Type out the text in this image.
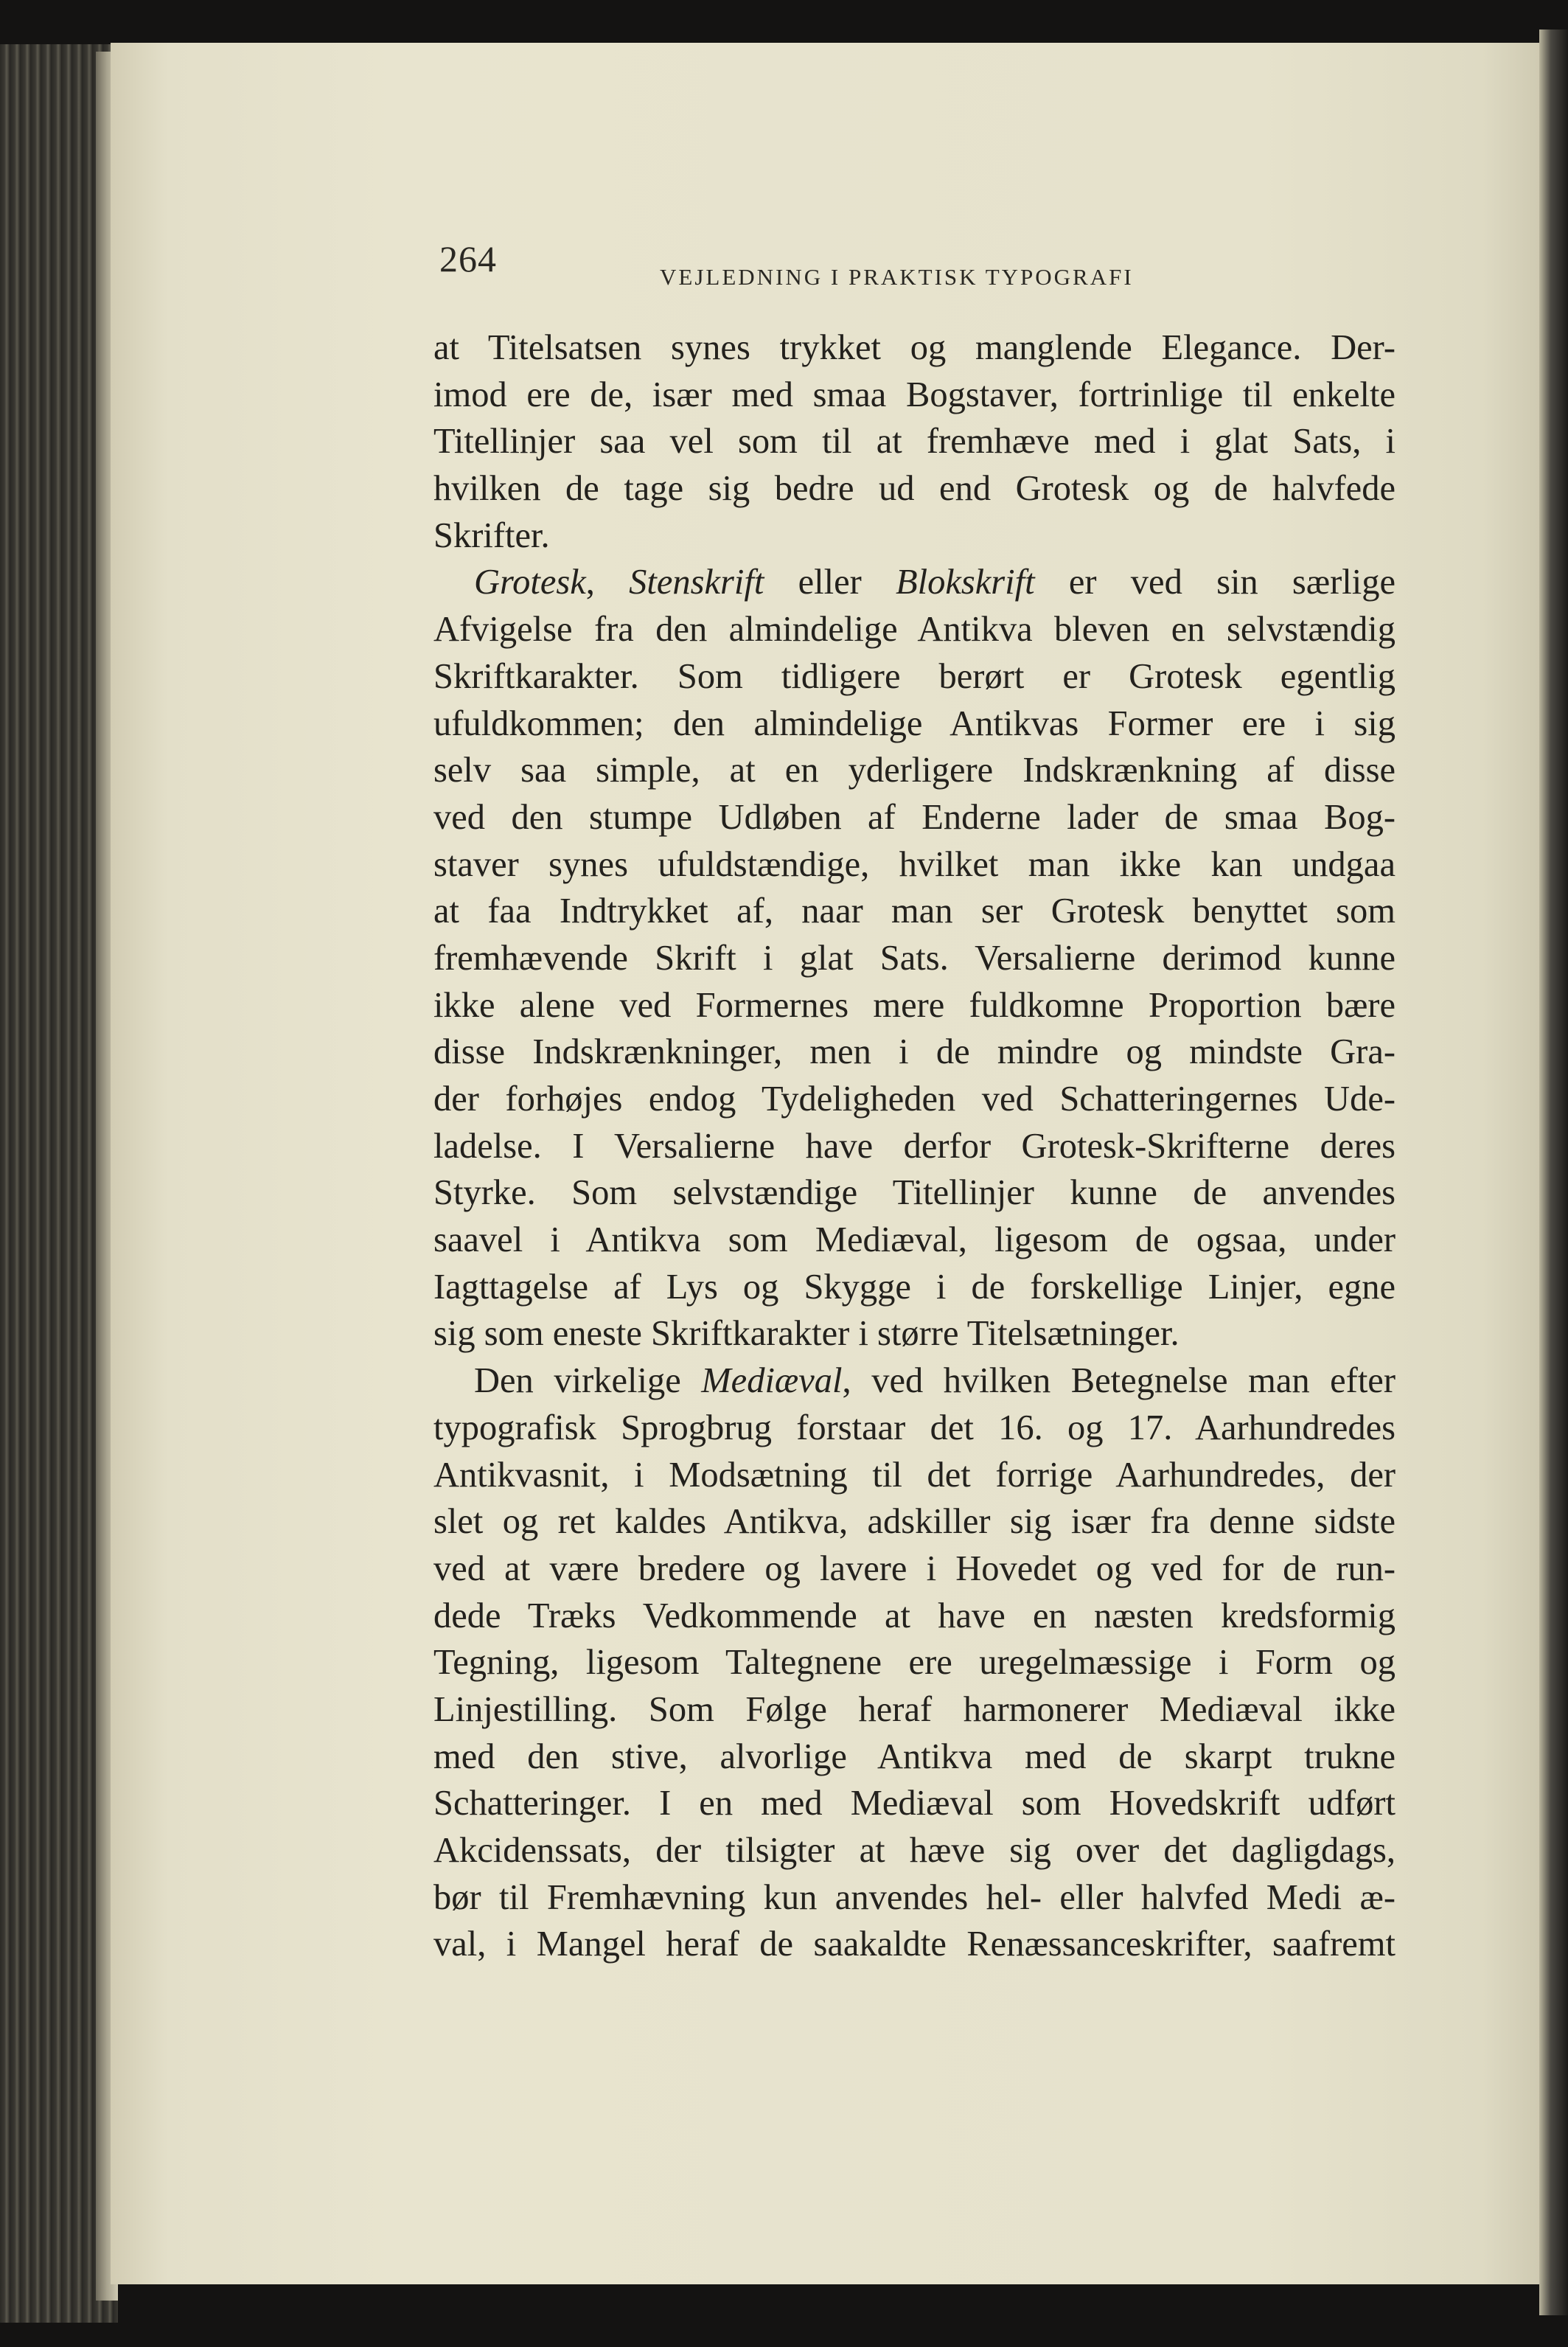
264	VEJLEDNING I PRAKTISK TYPOGRAFI
at Titelsatsen synes trykket og manglende Elegance. Der-
imod ere de, især med smaa Bogstaver, fortrinlige til enkelte
Titellinjer saa vel som til at fremhæve med i glat Sats, i
hvilken de tage sig bedre ud end Grotesk og de halvfede
Skrifter.
Grotesk, Stenskrift eller Blokskrift er ved sin særlige
Afvigelse fra den almindelige Antikva bleven en selvstændig
Skriftkarakter. Som tidligere berørt er Grotesk egentlig
ufuldkommen; den almindelige Antikvas Former ere i sig
selv saa simple, at en yderligere Indskrænkning af disse
ved den stumpe Udløben af Enderne lader de smaa Bog-
staver synes ufuldstændige, hvilket man ikke kan undgaa
at faa Indtrykket af, naar man ser Grotesk benyttet som
fremhævende Skrift i glat Sats. Versalierne derimod kunne
ikke alene ved Formernes mere fuldkomne Proportion bære
disse Indskrænkninger, men i de mindre og mindste Gra-
der forhøjes endog Tydeligheden ved Schatteringernes Ude-
ladelse. I Versalierne have derfor Grotesk-Skrifterne deres
Styrke. Som selvstændige Titellinjer kunne de anvendes
saavel i Antikva som Mediæval, ligesom de ogsaa, under
Iagttagelse af Lys og Skygge i de forskellige Linjer, egne
sig som eneste Skriftkarakter i større Titelsætninger.
Den virkelige Mediæval, ved hvilken Betegnelse man efter
typografisk Sprogbrug forstaar det 16. og 17. Aarhundredes
Antikvasnit, i Modsætning til det forrige Aarhundredes, der
slet og ret kaldes Antikva, adskiller sig især fra denne sidste
ved at være bredere og lavere i Hovedet og ved for de run-
dede Træks Vedkommende at have en næsten kredsformig
Tegning, ligesom Taltegnene ere uregelmæssige i Form og
Linjestilling. Som Følge heraf harmonerer Mediæval ikke
med den stive, alvorlige Antikva med de skarpt trukne
Schatteringer. I en med Mediæval som Hovedskrift udført
Akcidenssats, der tilsigter at hæve sig over det dagligdags,
bør til Fremhævning kun anvendes hel- eller halvfed Medi æ-
val, i Mangel heraf de saakaldte Renæssanceskrifter, saafremt
